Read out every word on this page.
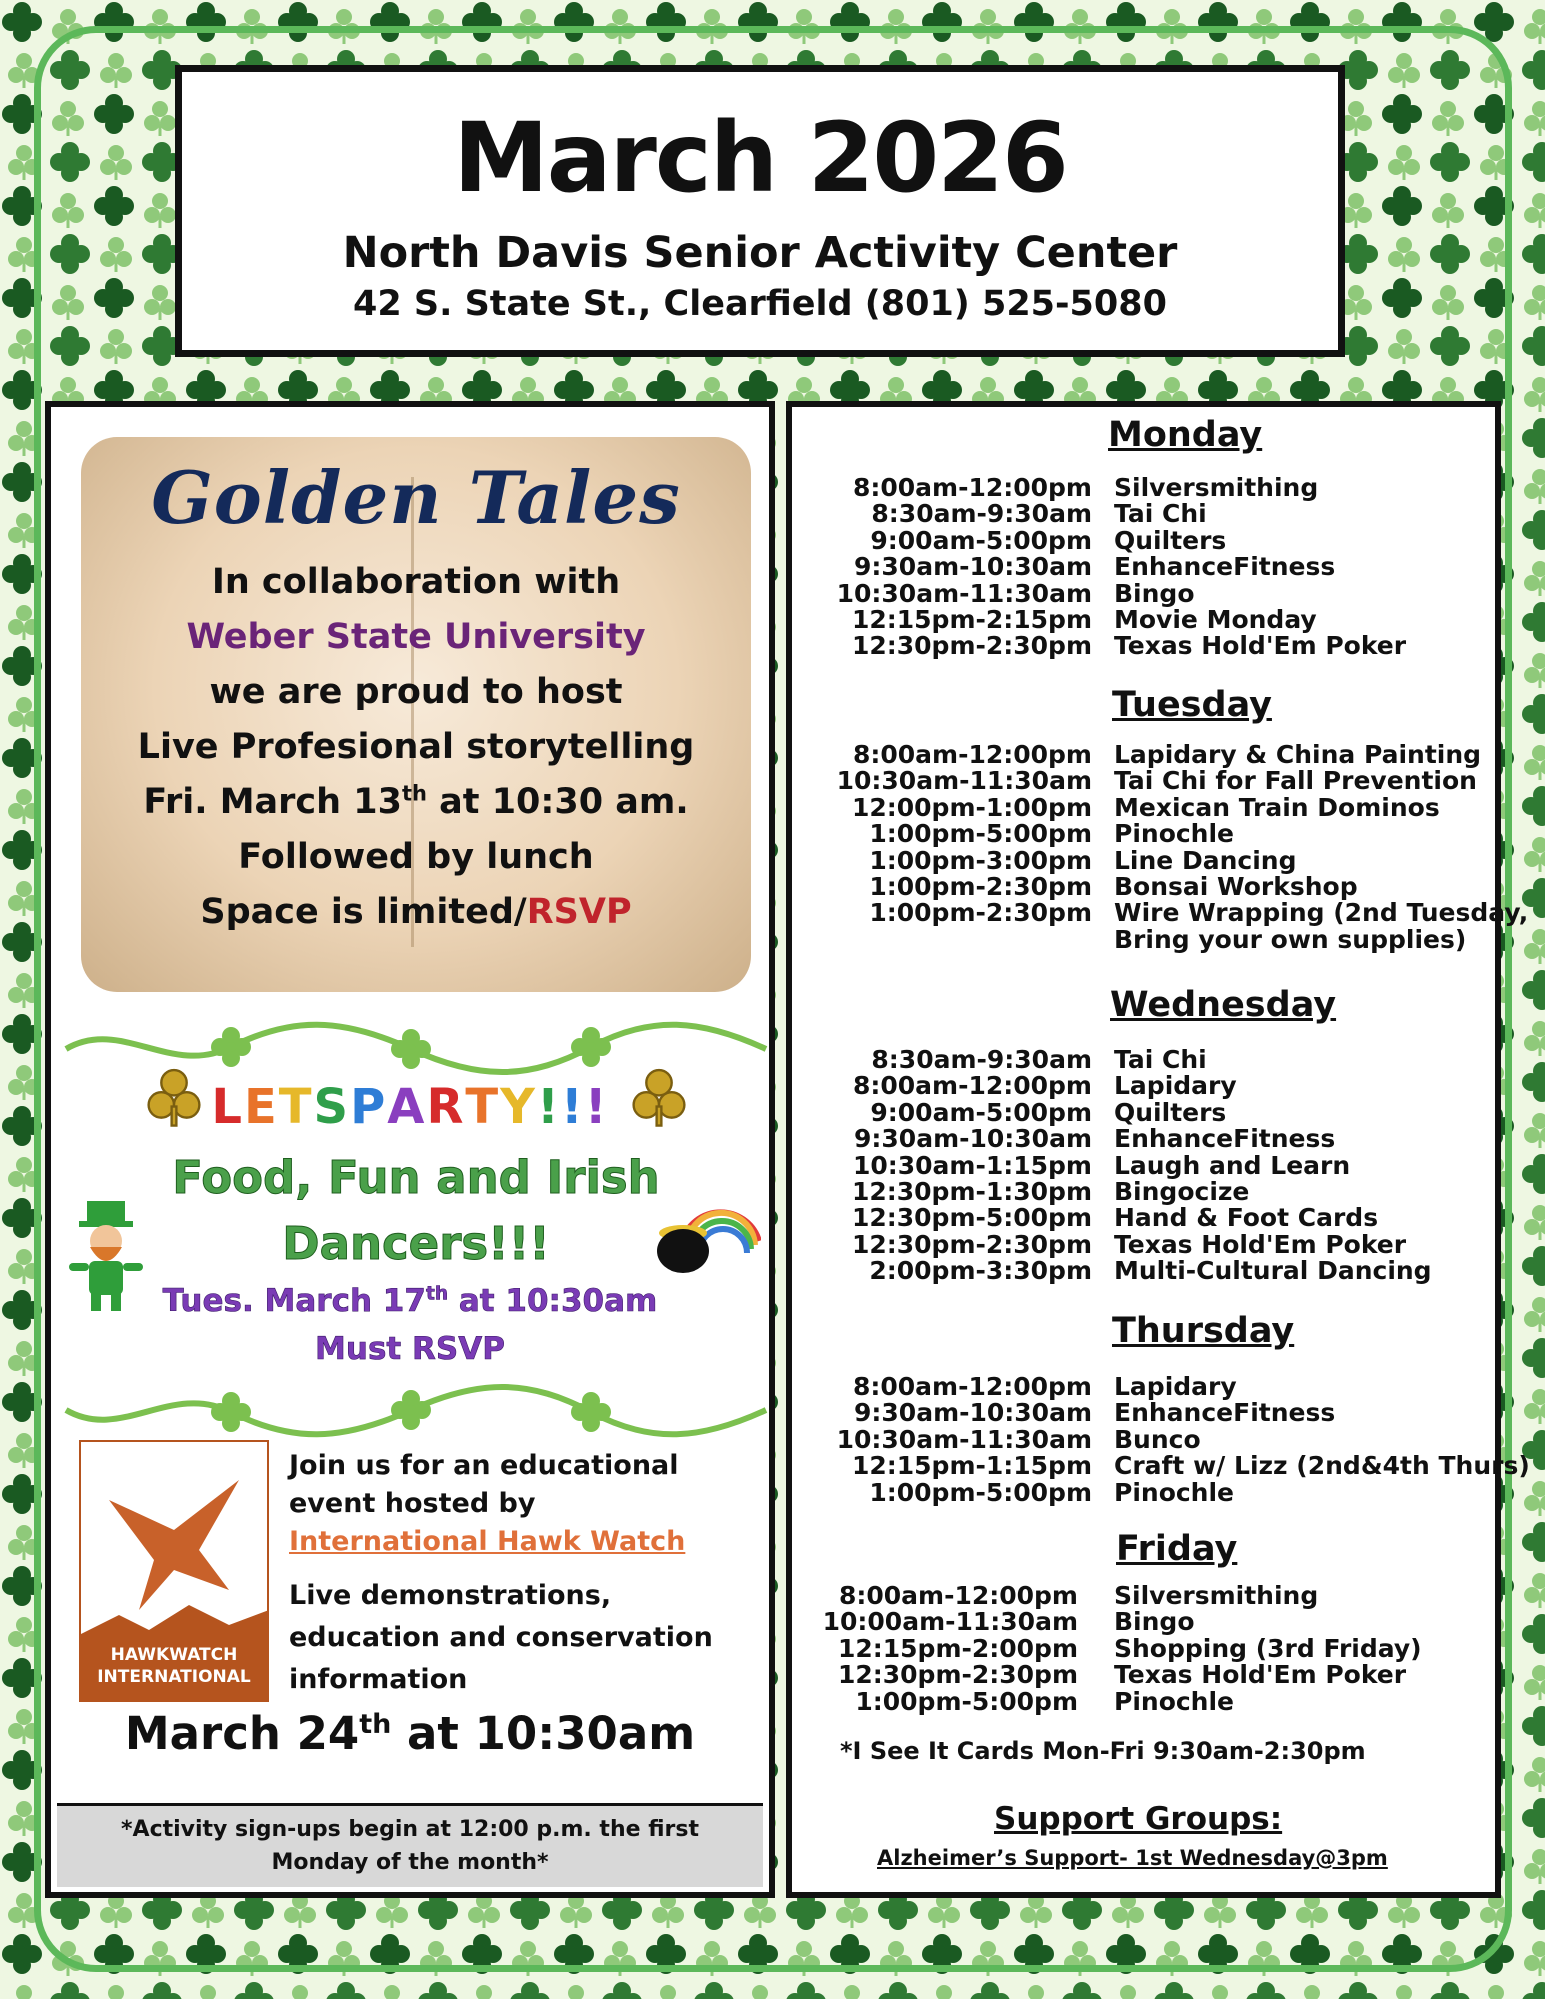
March 2026
North Davis Senior Activity Center
42 S. State St., Clearfield (801) 525-5080
Golden Tales
In collaboration with
Weber State University
we are proud to host
Live Profesional storytelling
Fri. March 13th at 10:30 am.
Followed by lunch
Space is limited/RSVP
LETSPARTY!!!
Food, Fun and Irish
Dancers!!!
Tues. March 17th at 10:30am
Must RSVP
HAWKWATCH
INTERNATIONAL
Join us for an educational
event hosted by
International Hawk Watch
Live demonstrations,
education and conservation
information
March 24th at 10:30am
*Activity sign-ups begin at 12:00 p.m. the first
Monday of the month*
Monday
8:00am-12:00pm Silversmithing
8:30am-9:30am Tai Chi
9:00am-5:00pm Quilters
9:30am-10:30am EnhanceFitness
10:30am-11:30am Bingo
12:15pm-2:15pm Movie Monday
12:30pm-2:30pm Texas Hold'Em Poker
Tuesday
8:00am-12:00pm Lapidary & China Painting
10:30am-11:30am Tai Chi for Fall Prevention
12:00pm-1:00pm Mexican Train Dominos
1:00pm-5:00pm Pinochle
1:00pm-3:00pm Line Dancing
1:00pm-2:30pm Bonsai Workshop
1:00pm-2:30pm Wire Wrapping (2nd Tuesday,
Bring your own supplies)
Wednesday
8:30am-9:30am Tai Chi
8:00am-12:00pm Lapidary
9:00am-5:00pm Quilters
9:30am-10:30am EnhanceFitness
10:30am-1:15pm Laugh and Learn
12:30pm-1:30pm Bingocize
12:30pm-5:00pm Hand & Foot Cards
12:30pm-2:30pm Texas Hold'Em Poker
2:00pm-3:30pm Multi-Cultural Dancing
Thursday
8:00am-12:00pm Lapidary
9:30am-10:30am EnhanceFitness
10:30am-11:30am Bunco
12:15pm-1:15pm Craft w/ Lizz (2nd&4th Thurs)
1:00pm-5:00pm Pinochle
Friday
8:00am-12:00pm Silversmithing
10:00am-11:30am Bingo
12:15pm-2:00pm Shopping (3rd Friday)
12:30pm-2:30pm Texas Hold'Em Poker
1:00pm-5:00pm Pinochle
*I See It Cards Mon-Fri 9:30am-2:30pm
Support Groups:
Alzheimer’s Support- 1st Wednesday@3pm
